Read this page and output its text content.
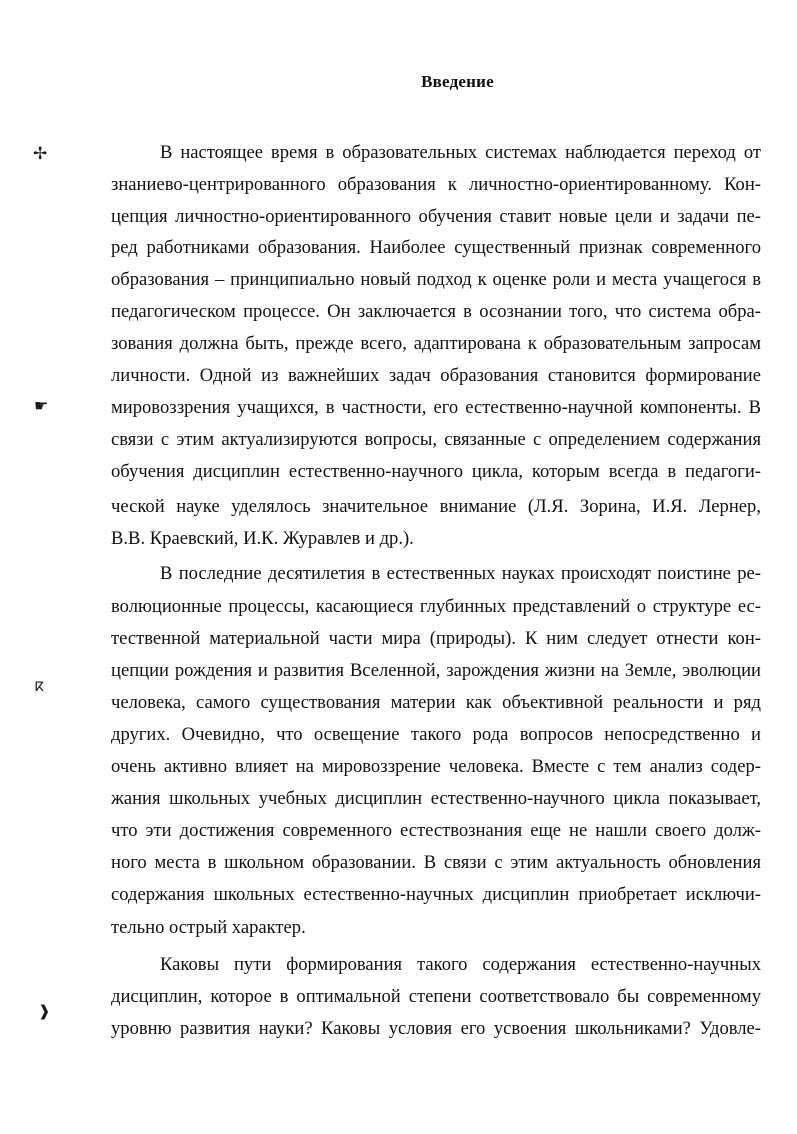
Введение
В настоящее время в образовательных системах наблюдается переход от
знаниево-центрированного образования к личностно-ориентированному. Кон-
цепция личностно-ориентированного обучения ставит новые цели и задачи пе-
ред работниками образования. Наиболее существенный признак современного
образования – принципиально новый подход к оценке роли и места учащегося в
педагогическом процессе. Он заключается в осознании того, что система обра-
зования должна быть, прежде всего, адаптирована к образовательным запросам
личности. Одной из важнейших задач образования становится формирование
мировоззрения учащихся, в частности, его естественно-научной компоненты. В
связи с этим актуализируются вопросы, связанные с определением содержания
обучения дисциплин естественно-научного цикла, которым всегда в педагоги-
ческой науке уделялось значительное внимание (Л.Я. Зорина, И.Я. Лернер,
В.В. Краевский, И.К. Журавлев и др.).
В последние десятилетия в естественных науках происходят поистине ре-
волюционные процессы, касающиеся глубинных представлений о структуре ес-
тественной материальной части мира (природы). К ним следует отнести кон-
цепции рождения и развития Вселенной, зарождения жизни на Земле, эволюции
человека, самого существования материи как объективной реальности и ряд
других. Очевидно, что освещение такого рода вопросов непосредственно и
очень активно влияет на мировоззрение человека. Вместе с тем анализ содер-
жания школьных учебных дисциплин естественно-научного цикла показывает,
что эти достижения современного естествознания еще не нашли своего долж-
ного места в школьном образовании. В связи с этим актуальность обновления
содержания школьных естественно-научных дисциплин приобретает исключи-
тельно острый характер.
Каковы пути формирования такого содержания естественно-научных
дисциплин, которое в оптимальной степени соответствовало бы современному
уровню развития науки? Каковы условия его усвоения школьниками? Удовле-
✢
☛
ⴽ
❱
